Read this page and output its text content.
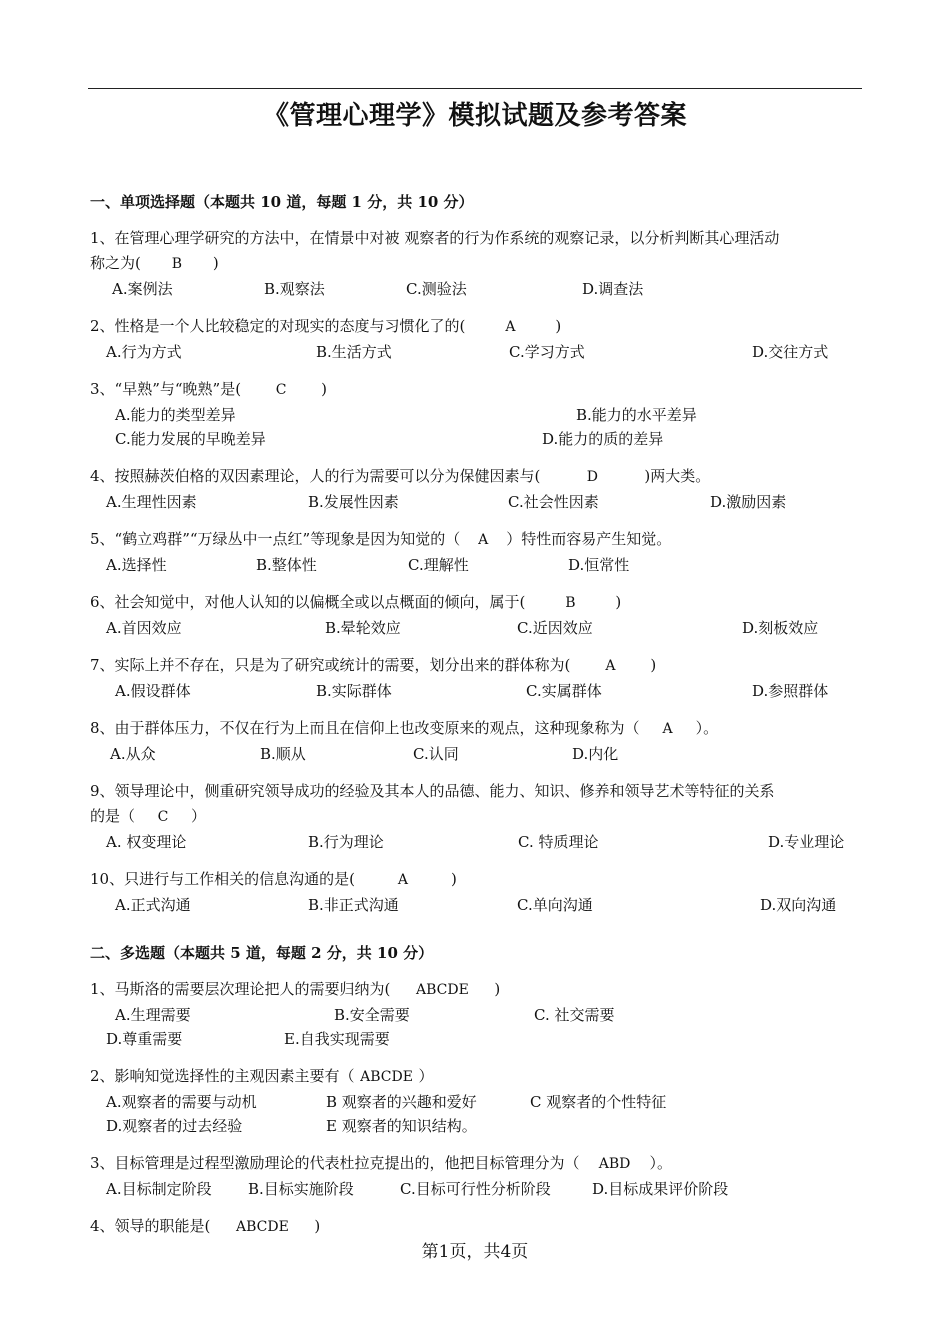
《管理心理学》模拟试题及参考答案
一、单项选择题（本题共 10 道，每题 1 分，共 10 分）
1、在管理心理学研究的方法中，在情景中对被 观察者的行为作系统的观察记录，以分析判断其心理活动
称之为( B )
A.案例法	B.观察法	C.测验法	D.调查法
2、性格是一个人比较稳定的对现实的态度与习惯化了的(	A	)
A.行为方式	B.生活方式	C.学习方式	D.交往方式
3、“早熟”与“晚熟”是( C )
A.能力的类型差异	B.能力的水平差异
C.能力发展的早晚差异	D.能力的质的差异
4、按照赫茨伯格的双因素理论，人的行为需要可以分为保健因素与(	D	)两大类。
A.生理性因素	B.发展性因素	C.社会性因素	D.激励因素
5、“鹤立鸡群”“万绿丛中一点红”等现象是因为知觉的（ A ）特性而容易产生知觉。
A.选择性	B.整体性	C.理解性	D.恒常性
6、社会知觉中，对他人认知的以偏概全或以点概面的倾向，属于(	B	)
A.首因效应	B.晕轮效应	C.近因效应	D.刻板效应
7、实际上并不存在，只是为了研究或统计的需要，划分出来的群体称为( A )
A.假设群体	B.实际群体	C.实属群体	D.参照群体
8、由于群体压力，不仅在行为上而且在信仰上也改变原来的观点，这种现象称为（ A ）。
A.从众	B.顺从	C.认同	D.内化
9、领导理论中，侧重研究领导成功的经验及其本人的品德、能力、知识、修养和领导艺术等特征的关系
的是（ C ）
A. 权变理论	B.行为理论	C. 特质理论	D.专业理论
10、只进行与工作相关的信息沟通的是(	A	)
A.正式沟通	B.非正式沟通	C.单向沟通	D.双向沟通
二、多选题（本题共 5 道，每题 2 分，共 10 分）
1、马斯洛的需要层次理论把人的需要归纳为( ABCDE )
A.生理需要	B.安全需要	C. 社交需要
D.尊重需要	E.自我实现需要
2、影响知觉选择性的主观因素主要有（ ABCDE ）
A.观察者的需要与动机	B 观察者的兴趣和爱好	C 观察者的个性特征
D.观察者的过去经验	E 观察者的知识结构。
3、目标管理是过程型激励理论的代表杜拉克提出的，他把目标管理分为（ ABD ）。
A.目标制定阶段 B.目标实施阶段	C.目标可行性分析阶段	D.目标成果评价阶段
4、领导的职能是( ABCDE )
第1页，共4页
